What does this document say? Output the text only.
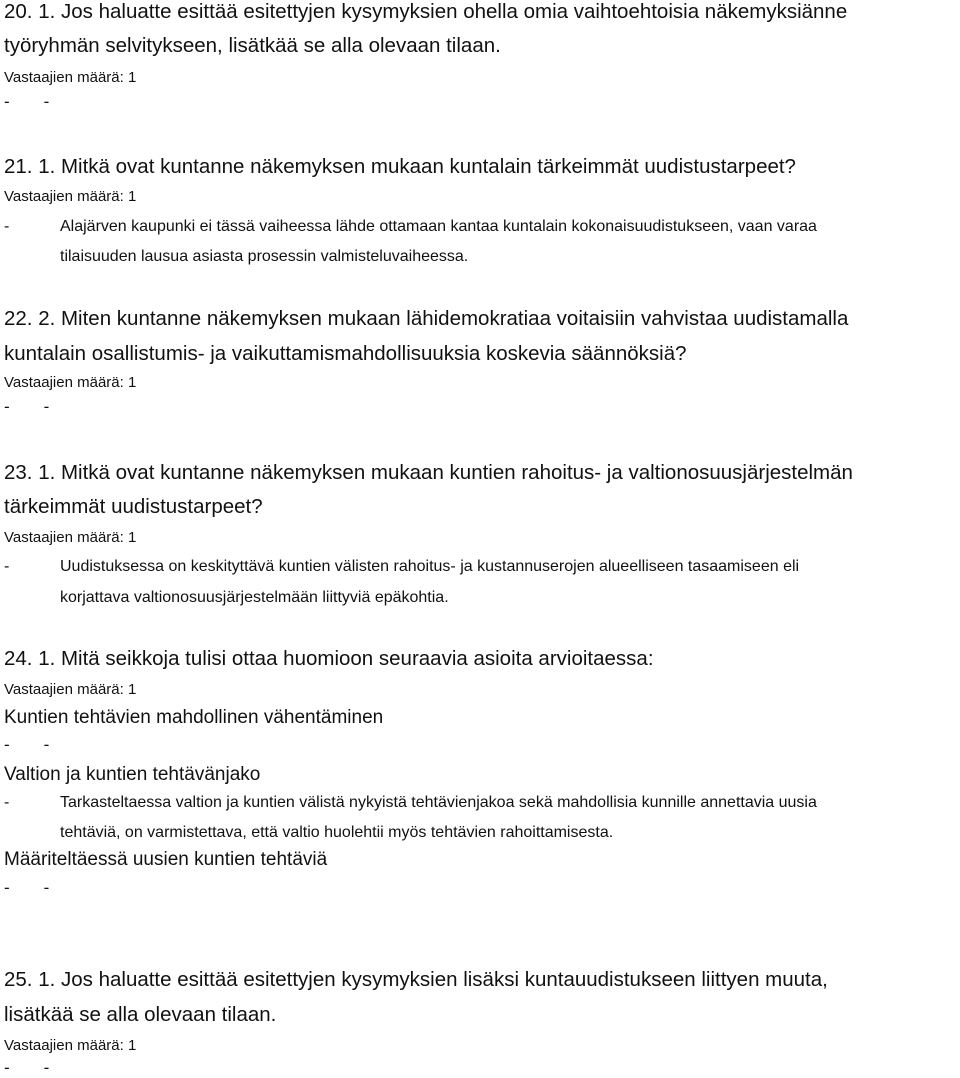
20. 1. Jos haluatte esittää esitettyjen kysymyksien ohella omia vaihtoehtoisia näkemyksiänne
työryhmän selvitykseen, lisätkää se alla olevaan tilaan.
Vastaajien määrä: 1
- -
21. 1. Mitkä ovat kuntanne näkemyksen mukaan kuntalain tärkeimmät uudistustarpeet?
Vastaajien määrä: 1
-	Alajärven kaupunki ei tässä vaiheessa lähde ottamaan kantaa kuntalain kokonaisuudistukseen, vaan varaa
tilaisuuden lausua asiasta prosessin valmisteluvaiheessa.
22. 2. Miten kuntanne näkemyksen mukaan lähidemokratiaa voitaisiin vahvistaa uudistamalla
kuntalain osallistumis- ja vaikuttamismahdollisuuksia koskevia säännöksiä?
Vastaajien määrä: 1
- -
23. 1. Mitkä ovat kuntanne näkemyksen mukaan kuntien rahoitus- ja valtionosuusjärjestelmän
tärkeimmät uudistustarpeet?
Vastaajien määrä: 1
-	Uudistuksessa on keskityttävä kuntien välisten rahoitus- ja kustannuserojen alueelliseen tasaamiseen eli
korjattava valtionosuusjärjestelmään liittyviä epäkohtia.
24. 1. Mitä seikkoja tulisi ottaa huomioon seuraavia asioita arvioitaessa:
Vastaajien määrä: 1
Kuntien tehtävien mahdollinen vähentäminen
- -
Valtion ja kuntien tehtävänjako
-	Tarkasteltaessa valtion ja kuntien välistä nykyistä tehtävienjakoa sekä mahdollisia kunnille annettavia uusia
tehtäviä, on varmistettava, että valtio huolehtii myös tehtävien rahoittamisesta.
Määriteltäessä uusien kuntien tehtäviä
- -
25. 1. Jos haluatte esittää esitettyjen kysymyksien lisäksi kuntauudistukseen liittyen muuta,
lisätkää se alla olevaan tilaan.
Vastaajien määrä: 1
- -
